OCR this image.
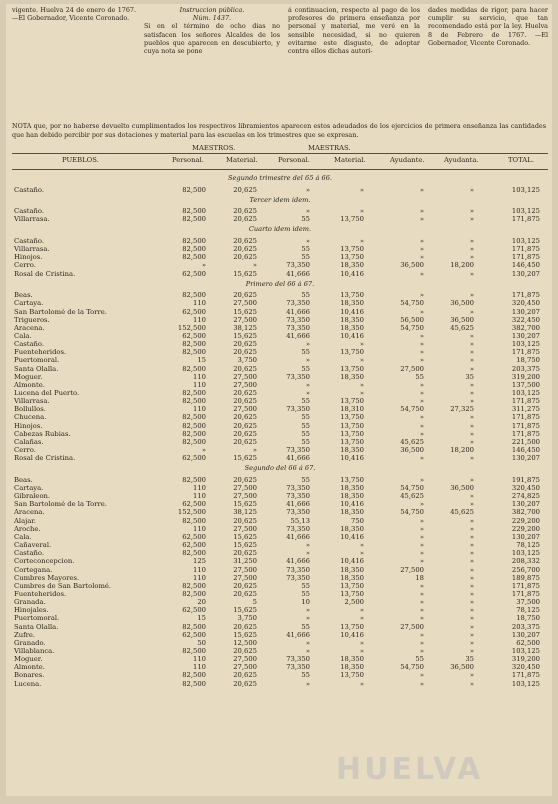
vigente. Huelva 24 de enero de 1767.—El Gobernador, Vicente Coronado.
Instruccion pública.
Núm. 1437.
Si en el término de ocho dias no satisfacen los señores Alcaldes de los pueblos que aparecen en descubierto, y cuya nota se pone
á continuacion, respecto al pago de los profesores de primera enseñanza por personal y material, me veré en la sensible necesidad, si no quieren evitarme este disgusto, de adoptar contra ellos dichas autori-
dades medidas de rigor, para hacer cumplir su servicio, que tan recomendado está por la ley. Huelva 8 de Febrero de 1767. —El Gobernador, Vicente Coronado.
NOTA que, por no haberse devuelto cumplimentados los respectivos libramientos aparecen estos adeudados de los ejercicios de primera enseñanza las cantidades que han debido percibir por sus dotaciones y material para las escuelas en los trimestres que se expresan.
MAESTROS.	MAESTRAS.
PUEBLOS.	Personal.	Material.	Personal.	Material.	Ayudante.	Ayudanta.	TOTAL.
Segundo trimestre del 65 á 66.
Castaño.	82,500	20,625	»	»	»	»	103,125
Tercer idem idem.
Castaño.	82,500	20,625	»	»	»	»	103,125
Villarrasa.	82,500	20,625	55	13,750	»	»	171,875
Cuarto idem idem.
Castaño.	82,500	20,625	»	»	»	»	103,125
Villarrasa.	82,500	20,625	55	13,750	»	»	171,875
Hinojos.	82,500	20,625	55	13,750	»	»	171,875
Cerro.	»	»	73,350	18,350	36,500	18,200	146,450
Rosal de Cristina.	62,500	15,625	41,666	10,416	»	»	130,207
Primero del 66 á 67.
Beas.	82,500	20,625	55	13,750	»	»	171,875
Cartaya.	110	27,500	73,350	18,350	54,750	36,500	320,450
San Bartolomé de la Torre.	62,500	15,625	41,666	10,416	»	»	130,207
Trigueros.	110	27,500	73,350	18,350	56,500	36,500	322,450
Aracena.	152,500	38,125	73,350	18,350	54,750	45,625	382,700
Cala.	62,500	15,625	41,666	10,416	»	»	130,207
Castaño.	82,500	20,625	»	»	»	»	103,125
Fuenteheridos.	82,500	20,625	55	13,750	»	»	171,875
Puertomoral.	15	3,750	»	»	»	»	18,750
Santa Olalla.	82,500	20,625	55	13,750	27,500	»	203,375
Moguer.	110	27,500	73,350	18,350	55	35	319,200
Almonte.	110	27,500	»	»	»	»	137,500
Lucena del Puerto.	82,500	20,625	»	»	»	»	103,125
Villarrasa.	82,500	20,625	55	13,750	»	»	171,875
Bollullos.	110	27,500	73,350	18,310	54,750	27,325	311,275
Chucena.	82,500	20,625	55	13,750	»	»	171,875
Hinojos.	82,500	20,625	55	13,750	»	»	171,875
Cabezas Rubias.	82,500	20,625	55	13,750	»	»	171,875
Calañas.	82,500	20,625	55	13,750	45,625	»	221,500
Cerro.	»	»	73,350	18,350	36,500	18,200	146,450
Rosal de Cristina.	62,500	15,625	41,666	10,416	»	»	130,207
Segundo del 66 á 67.
Beas.	82,500	20,625	55	13,750	»	»	191,875
Cartaya.	110	27,500	73,350	18,350	54,750	36,500	320,450
Gibraleon.	110	27,500	73,350	18,350	45,625	»	274,825
San Bartolomé de la Torre.	62,500	15,625	41,666	10,416	»	»	130,207
Aracena.	152,500	38,125	73,350	18,350	54,750	45,625	382,700
Alajar.	82,500	20,625	55,13	750	»	»	229,200
Aroche.	110	27,500	73,350	18,350	»	»	229,200
Cala.	62,500	15,625	41,666	10,416	»	»	130,207
Cañaveral.	62,500	15,625	»	»	»	»	78,125
Castaño.	82,500	20,625	»	»	»	»	103,125
Corteconcepcion.	125	31,250	41,666	10,416	»	»	208,332
Cortegana.	110	27,500	73,350	18,350	27,500	»	256,700
Cumbres Mayores.	110	27,500	73,350	18,350	18	»	189,875
Cumbres de San Bartolomé.	82,500	20,625	55	13,750	»	»	171,875
Fuenteheridos.	82,500	20,625	55	13,750	»	»	171,875
Granada.	20	5	10	2,500	»	»	37,500
Hinojales.	62,500	15,625	»	»	»	»	78,125
Puertomoral.	15	3,750	»	»	»	»	18,750
Santa Olalla.	82,500	20,625	55	13,750	27,500	»	203,375
Zufre.	62,500	15,625	41,666	10,416	»	»	130,207
Granado.	50	12,500	»	»	»	»	62,500
Villablanca.	82,500	20,625	»	»	»	»	103,125
Moguer.	110	27,500	73,350	18,350	55	35	319,200
Almonte.	110	27,500	73,350	18,350	54,750	36,500	320,450
Bonares.	82,500	20,625	55	13,750	»	»	171,875
Lucena.	82,500	20,625	»	»	»	»	103,125
HUELVA
